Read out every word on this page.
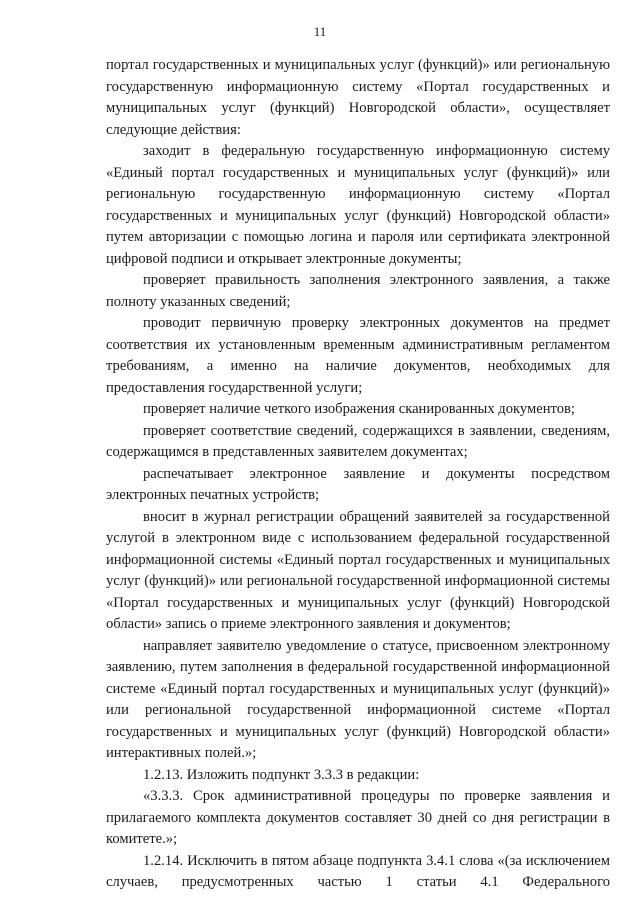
11

портал государственных и муниципальных услуг (функций)» или региональную государственную информационную систему «Портал государственных и муниципальных услуг (функций) Новгородской области», осуществляет следующие действия:

заходит в федеральную государственную информационную систему «Единый портал государственных и муниципальных услуг (функций)» или региональную государственную информационную систему «Портал государственных и муниципальных услуг (функций) Новгородской области» путем авторизации с помощью логина и пароля или сертификата электронной цифровой подписи и открывает электронные документы;

проверяет правильность заполнения электронного заявления, а также полноту указанных сведений;

проводит первичную проверку электронных документов на предмет соответствия их установленным временным административным регламентом требованиям, а именно на наличие документов, необходимых для предоставления государственной услуги;

проверяет наличие четкого изображения сканированных документов;

проверяет соответствие сведений, содержащихся в заявлении, сведениям, содержащимся в представленных заявителем документах;

распечатывает электронное заявление и документы посредством электронных печатных устройств;

вносит в журнал регистрации обращений заявителей за государственной услугой в электронном виде с использованием федеральной государственной информационной системы «Единый портал государственных и муниципальных услуг (функций)» или региональной государственной информационной системы «Портал государственных и муниципальных услуг (функций) Новгородской области» запись о приеме электронного заявления и документов;

направляет заявителю уведомление о статусе, присвоенном электронному заявлению, путем заполнения в федеральной государственной информационной системе «Единый портал государственных и муниципальных услуг (функций)» или региональной государственной информационной системе «Портал государственных и муниципальных услуг (функций) Новгородской области» интерактивных полей.»;

1.2.13. Изложить подпункт 3.3.3 в редакции:

«3.3.3. Срок административной процедуры по проверке заявления и прилагаемого комплекта документов составляет 30 дней со дня регистрации в комитете.»;

1.2.14. Исключить в пятом абзаце подпункта 3.4.1 слова «(за исключением случаев, предусмотренных частью 1 статьи 4.1 Федерального
